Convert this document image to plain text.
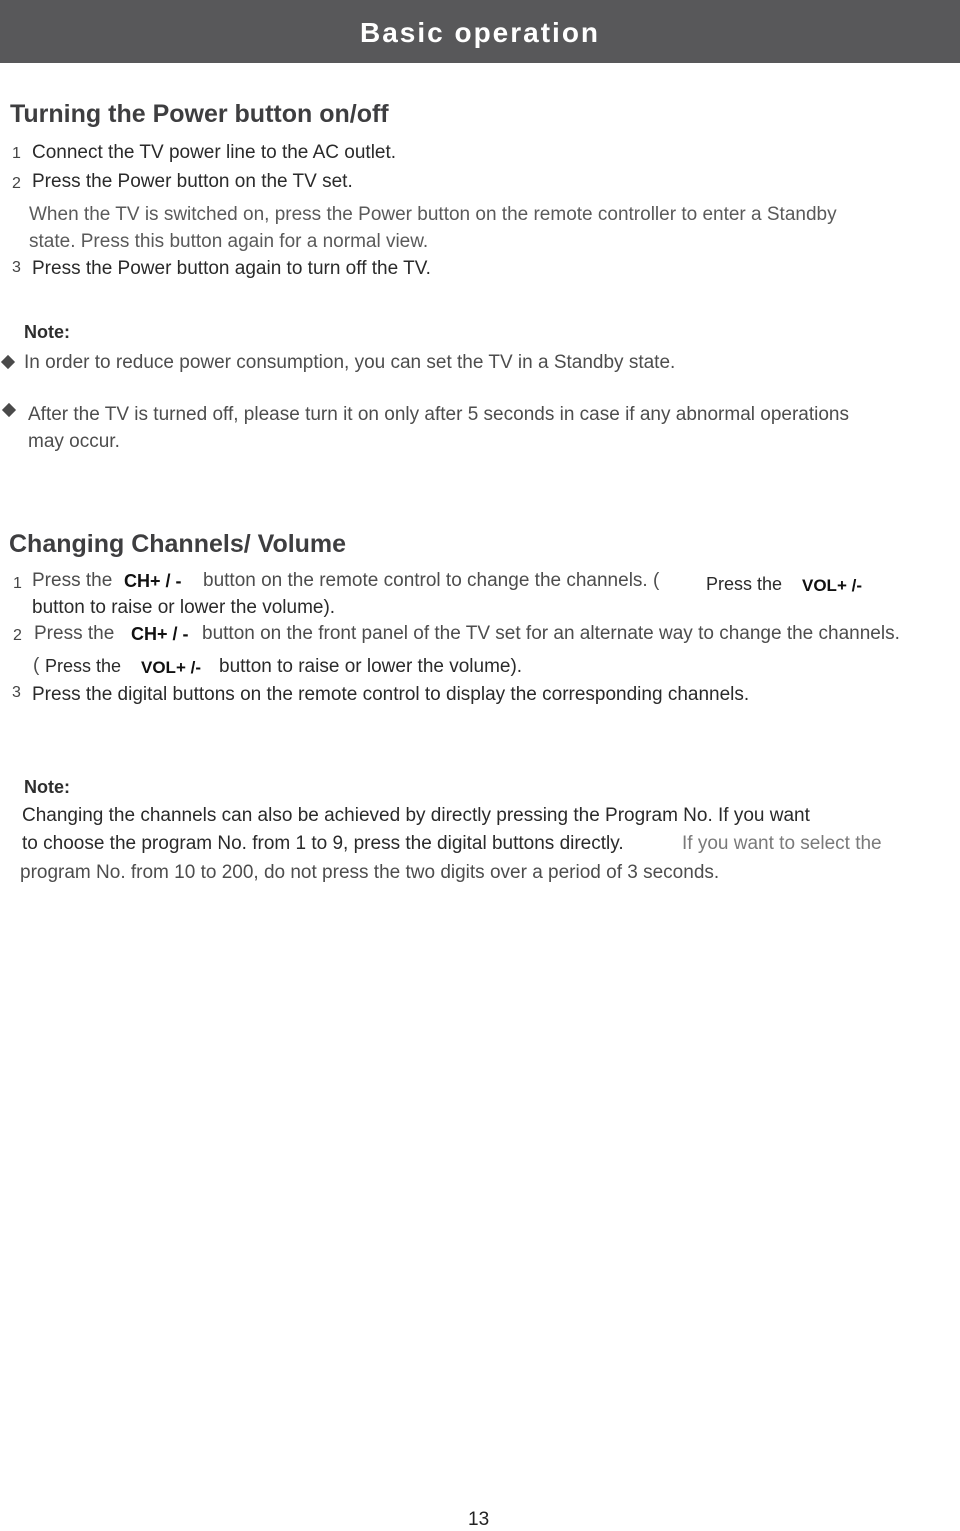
Basic operation
Turning the Power button on/off
1 Connect the TV power line to the AC outlet.
2 Press the Power button on the TV set.
When the TV is switched on, press the Power button on the remote controller to enter a Standby
state. Press this button again for a normal view.
3 Press the Power button again to turn off the TV.
Note:
In order to reduce power consumption, you can set the TV in a Standby state.
After the TV is turned off, please turn it on only after 5 seconds in case if any abnormal operations
may occur.
Changing Channels/ Volume
1 Press the CH+ / - button on the remote control to change the channels. (	Press the VOL+ /-
button to raise or lower the volume).
2 Press the CH+ / - button on the front panel of the TV set for an alternate way to change the channels.
( Press the VOL+ /- button to raise or lower the volume).
3 Press the digital buttons on the remote control to display the corresponding channels.
Note:
Changing the channels can also be achieved by directly pressing the Program No. If you want
to choose the program No. from 1 to 9, press the digital buttons directly.	If you want to select the
program No. from 10 to 200, do not press the two digits over a period of 3 seconds.
13
